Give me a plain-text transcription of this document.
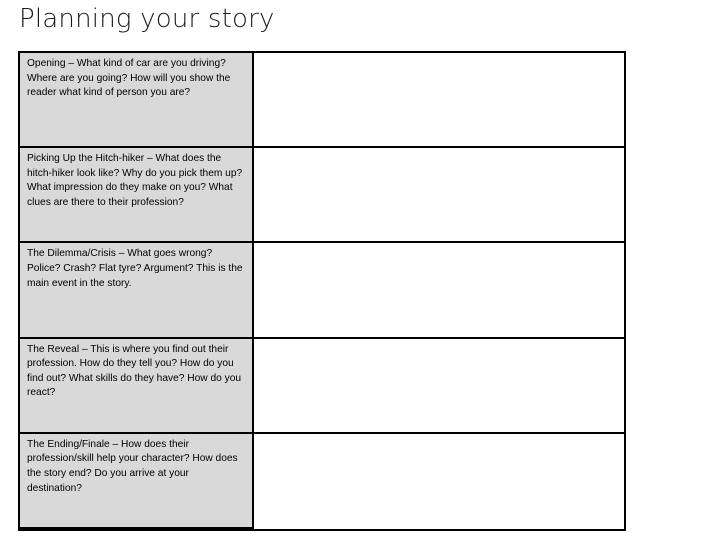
Planning your story
Opening – What kind of car are you driving? Where are you going? How will you show the reader what kind of person you are?
Picking Up the Hitch-hiker – What does the hitch-hiker look like? Why do you pick them up? What impression do they make on you? What clues are there to their profession?
The Dilemma/Crisis – What goes wrong? Police? Crash? Flat tyre? Argument? This is the main event in the story.
The Reveal – This is where you find out their profession. How do they tell you? How do you find out? What skills do they have? How do you react?
The Ending/Finale – How does their profession/skill help your character? How does the story end? Do you arrive at your destination?
